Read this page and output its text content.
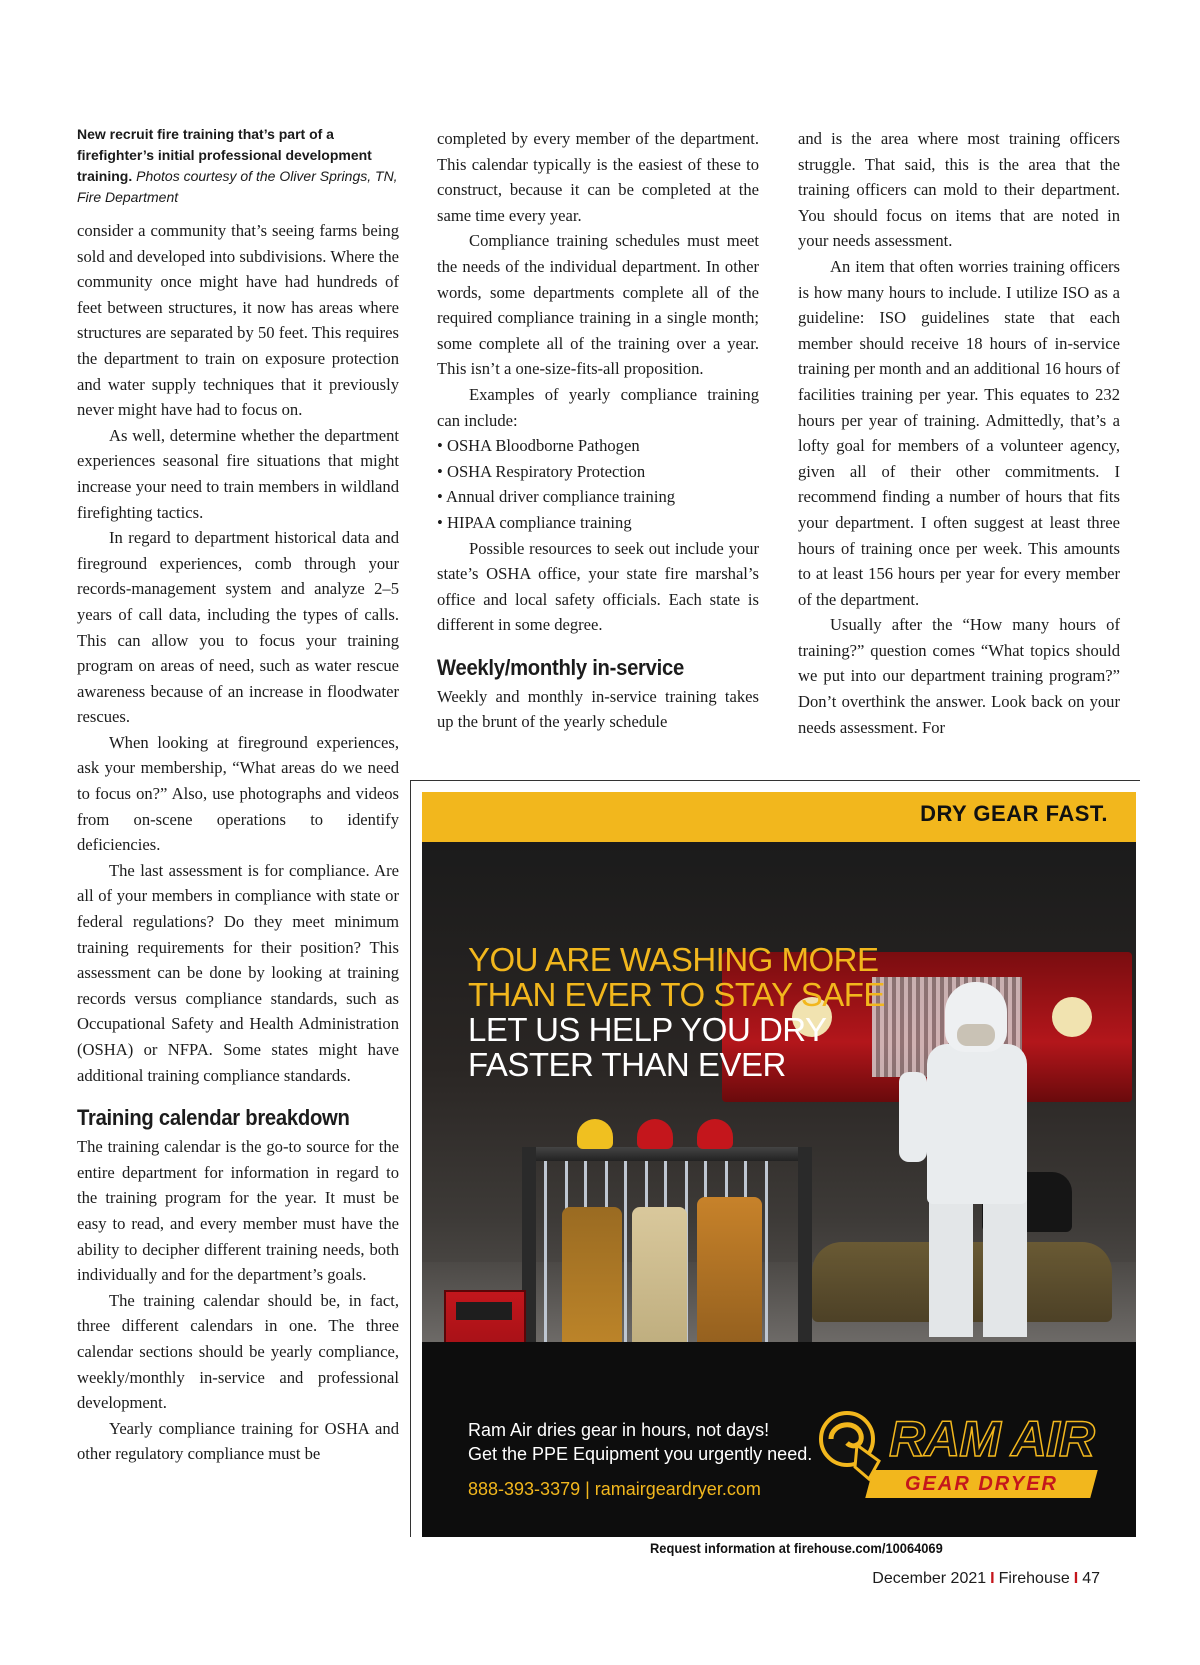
New recruit fire training that’s part of a firefighter’s initial professional development training. Photos courtesy of the Oliver Springs, TN, Fire Department

consider a community that’s seeing farms being sold and developed into subdivisions. Where the community once might have had hundreds of feet between structures, it now has areas where structures are separated by 50 feet. This requires the department to train on exposure protection and water supply techniques that it previously never might have had to focus on.

As well, determine whether the department experiences seasonal fire situations that might increase your need to train members in wildland firefighting tactics.

In regard to department historical data and fireground experiences, comb through your records-management system and analyze 2–5 years of call data, including the types of calls. This can allow you to focus your training program on areas of need, such as water rescue awareness because of an increase in floodwater rescues.

When looking at fireground experiences, ask your membership, “What areas do we need to focus on?” Also, use photographs and videos from on-scene operations to identify deficiencies.

The last assessment is for compliance. Are all of your members in compliance with state or federal regulations? Do they meet minimum training requirements for their position? This assessment can be done by looking at training records versus compliance standards, such as Occupational Safety and Health Administration (OSHA) or NFPA. Some states might have additional training compliance standards.

Training calendar breakdown

The training calendar is the go-to source for the entire department for information in regard to the training program for the year. It must be easy to read, and every member must have the ability to decipher different training needs, both individually and for the department’s goals.

The training calendar should be, in fact, three different calendars in one. The three calendar sections should be yearly compliance, weekly/monthly in-service and professional development.

Yearly compliance training for OSHA and other regulatory compliance must be

completed by every member of the department. This calendar typically is the easiest of these to construct, because it can be completed at the same time every year.

Compliance training schedules must meet the needs of the individual department. In other words, some departments complete all of the required compliance training in a single month; some complete all of the training over a year. This isn’t a one-size-fits-all proposition.

Examples of yearly compliance training can include:

• OSHA Bloodborne Pathogen

• OSHA Respiratory Protection

• Annual driver compliance training

• HIPAA compliance training

Possible resources to seek out include your state’s OSHA office, your state fire marshal’s office and local safety officials. Each state is different in some degree.

Weekly/monthly in-service

Weekly and monthly in-service training takes up the brunt of the yearly schedule

and is the area where most training officers struggle. That said, this is the area that the training officers can mold to their department. You should focus on items that are noted in your needs assessment.

An item that often worries training officers is how many hours to include. I utilize ISO as a guideline: ISO guidelines state that each member should receive 18 hours of in-service training per month and an additional 16 hours of facilities training per year. This equates to 232 hours per year of training. Admittedly, that’s a lofty goal for members of a volunteer agency, given all of their other commitments. I recommend finding a number of hours that fits your department. I often suggest at least three hours of training once per week. This amounts to at least 156 hours per year for every member of the department.

Usually after the “How many hours of training?” question comes “What topics should we put into our department training program?” Don’t overthink the answer. Look back on your needs assessment. For

DRY GEAR FAST.
YOU ARE WASHING MORE
THAN EVER TO STAY SAFE
LET US HELP YOU DRY
FASTER THAN EVER
Ram Air dries gear in hours, not days!
Get the PPE Equipment you urgently need.
888-393-3379 | ramairgeardryer.com
RAM AIR
GEAR DRYER
Request information at firehouse.com/10064069
December 2021 I Firehouse I 47
